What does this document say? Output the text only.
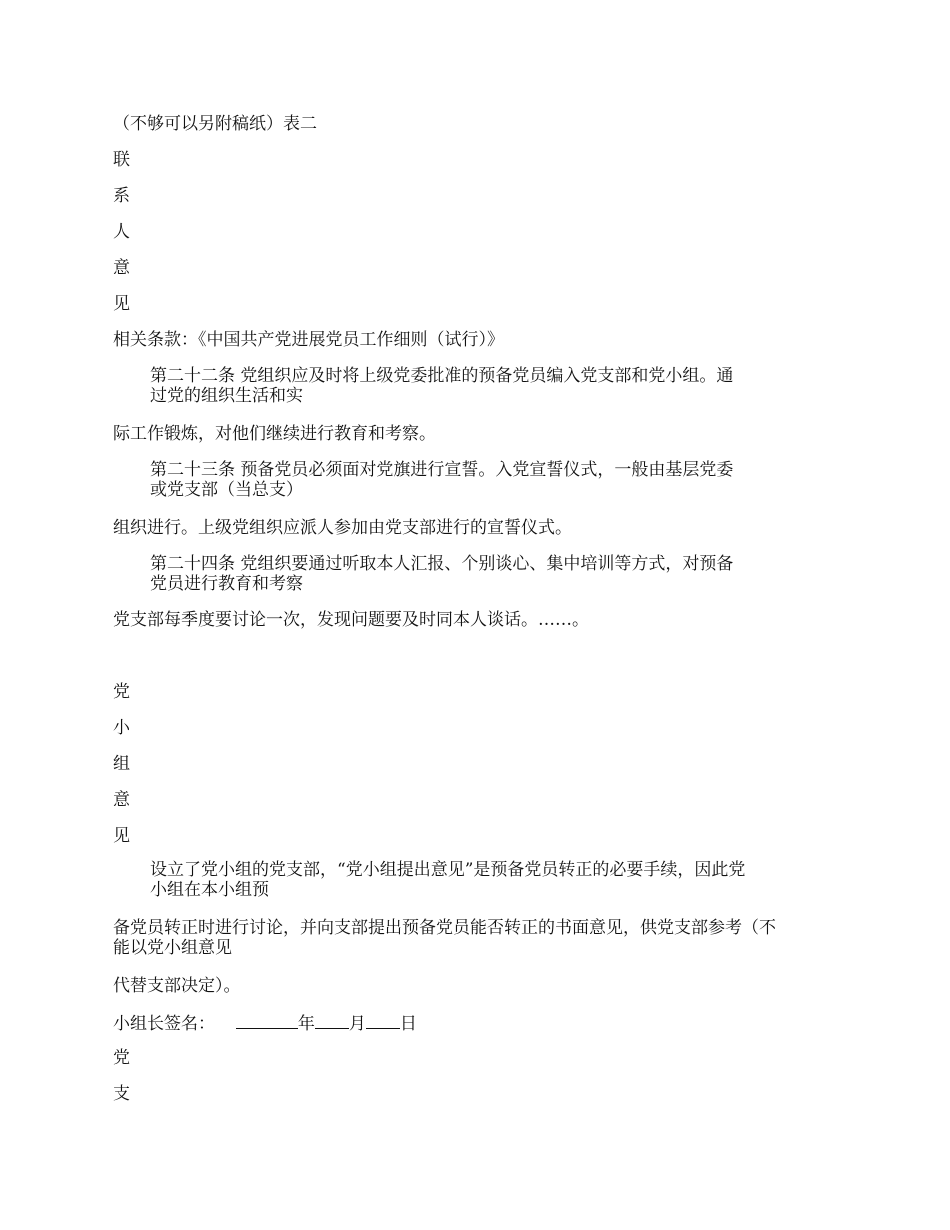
（不够可以另附稿纸）表二
联
系
人
意
见
相关条款：《中国共产党进展党员工作细则（试行）》
第二十二条 党组织应及时将上级党委批准的预备党员编入党支部和党小组。通
过党的组织生活和实
际工作锻炼，对他们继续进行教育和考察。
第二十三条 预备党员必须面对党旗进行宣誓。入党宣誓仪式，一般由基层党委
或党支部（当总支）
组织进行。上级党组织应派人参加由党支部进行的宣誓仪式。
第二十四条 党组织要通过听取本人汇报、个别谈心、集中培训等方式，对预备
党员进行教育和考察
党支部每季度要讨论一次，发现问题要及时同本人谈话。……。
党
小
组
意
见
设立了党小组的党支部，“党小组提出意见”是预备党员转正的必要手续，因此党
小组在本小组预
备党员转正时进行讨论，并向支部提出预备党员能否转正的书面意见，供党支部参考（不
能以党小组意见
代替支部决定）。
小组长签名：	年 月 日
党
支
